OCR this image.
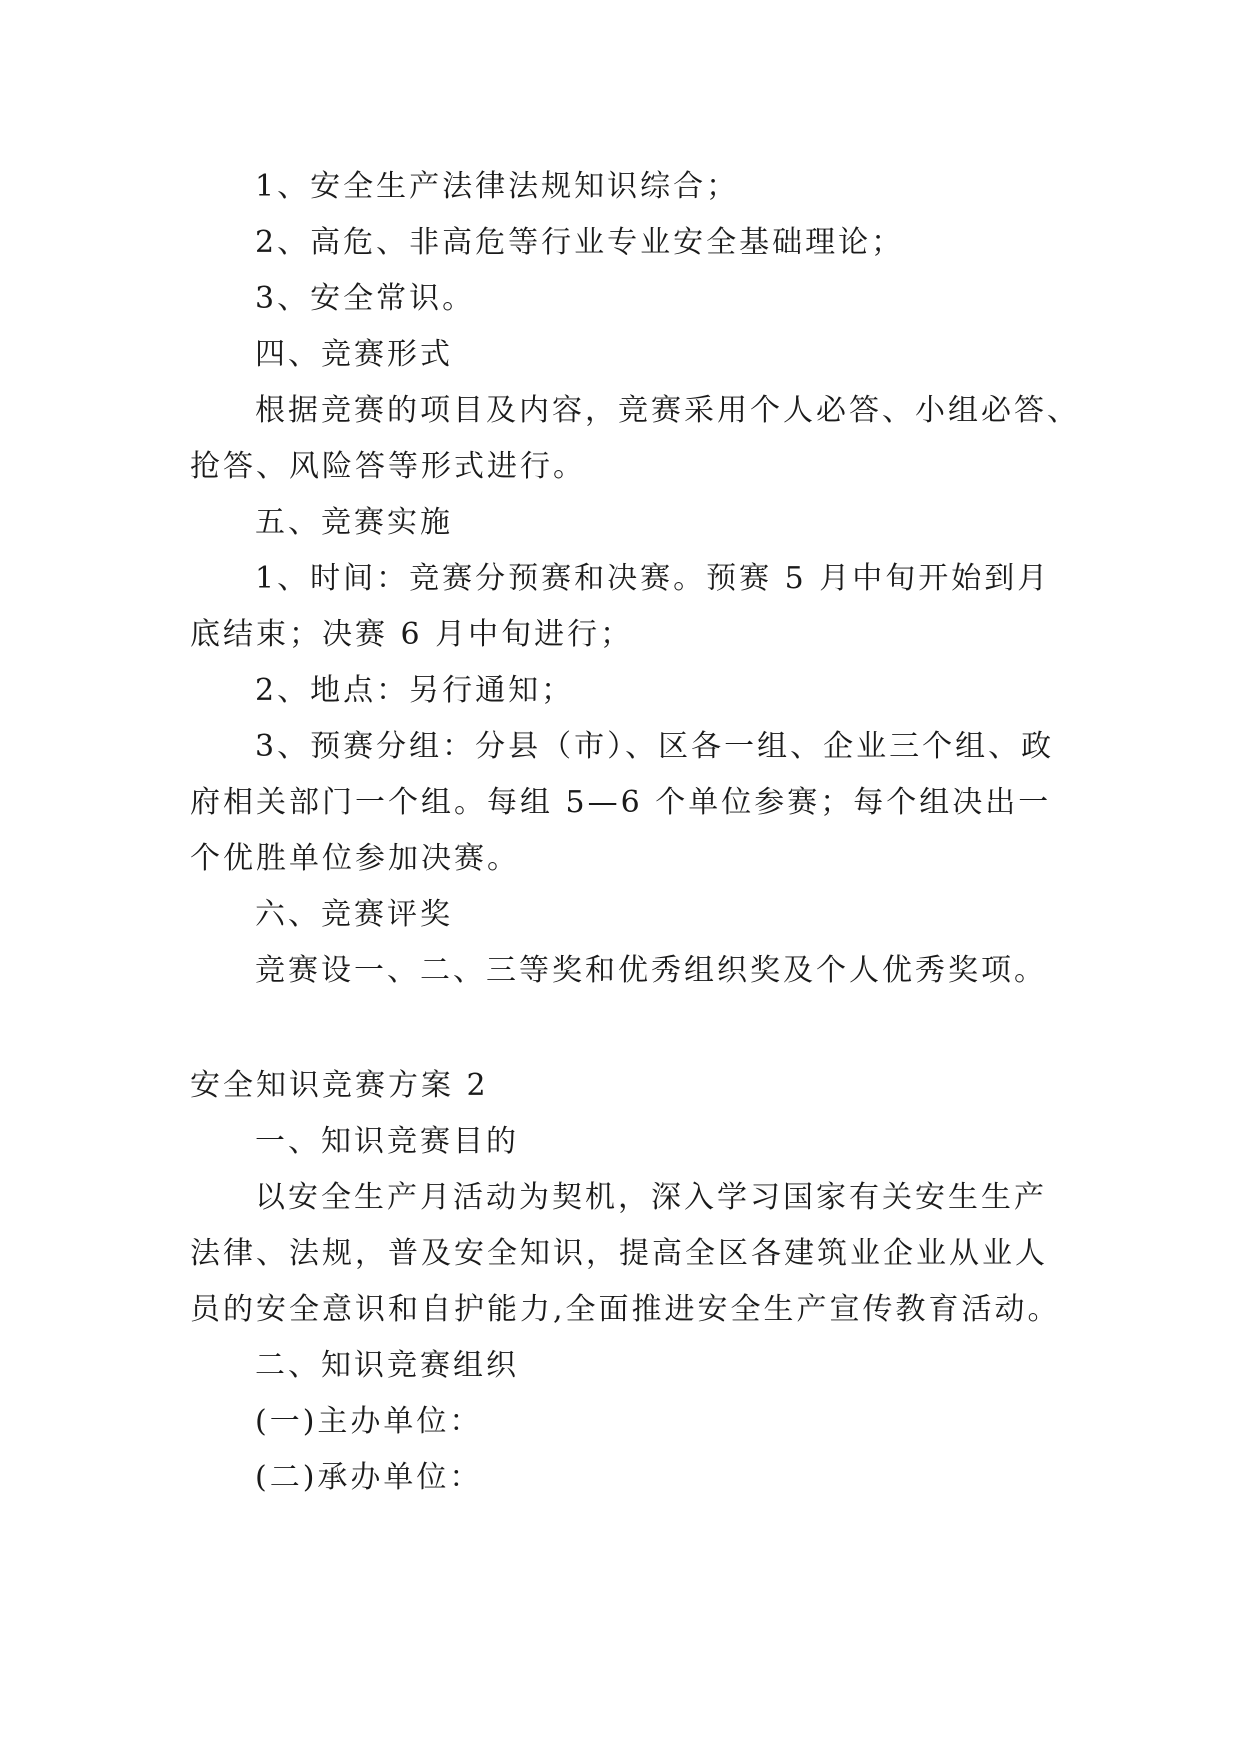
1、安全生产法律法规知识综合；
2、高危、非高危等行业专业安全基础理论；
3、安全常识。
四、竞赛形式
根据竞赛的项目及内容，竞赛采用个人必答、小组必答、
抢答、风险答等形式进行。
五、竞赛实施
1、时间：竞赛分预赛和决赛。预赛 5 月中旬开始到月
底结束；决赛 6 月中旬进行；
2、地点：另行通知；
3、预赛分组：分县（市）、区各一组、企业三个组、政
府相关部门一个组。每组 5—6 个单位参赛；每个组决出一
个优胜单位参加决赛。
六、竞赛评奖
竞赛设一、二、三等奖和优秀组织奖及个人优秀奖项。
安全知识竞赛方案 2
一、知识竞赛目的
以安全生产月活动为契机，深入学习国家有关安生生产
法律、法规，普及安全知识，提高全区各建筑业企业从业人
员的安全意识和自护能力,全面推进安全生产宣传教育活动。
二、知识竞赛组织
(一)主办单位：
(二)承办单位：
